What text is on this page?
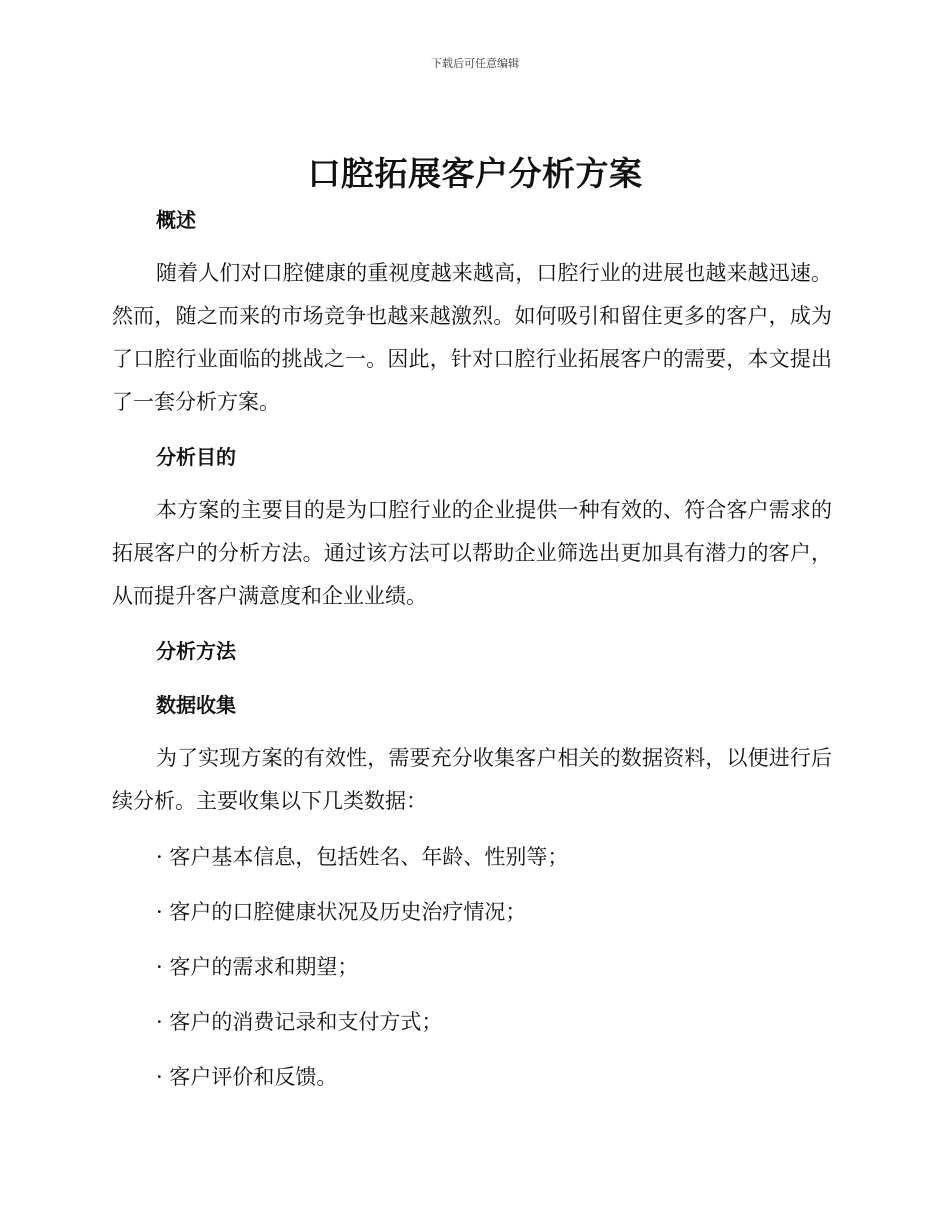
下载后可任意编辑
口腔拓展客户分析方案
概述

随着人们对口腔健康的重视度越来越高，口腔行业的进展也越来越迅速。然而，随之而来的市场竞争也越来越激烈。如何吸引和留住更多的客户，成为了口腔行业面临的挑战之一。因此，针对口腔行业拓展客户的需要，本文提出了一套分析方案。

分析目的

本方案的主要目的是为口腔行业的企业提供一种有效的、符合客户需求的拓展客户的分析方法。通过该方法可以帮助企业筛选出更加具有潜力的客户，从而提升客户满意度和企业业绩。

分析方法
数据收集

为了实现方案的有效性，需要充分收集客户相关的数据资料，以便进行后续分析。主要收集以下几类数据：

· 客户基本信息，包括姓名、年龄、性别等；

· 客户的口腔健康状况及历史治疗情况；

· 客户的需求和期望；

· 客户的消费记录和支付方式；

· 客户评价和反馈。
